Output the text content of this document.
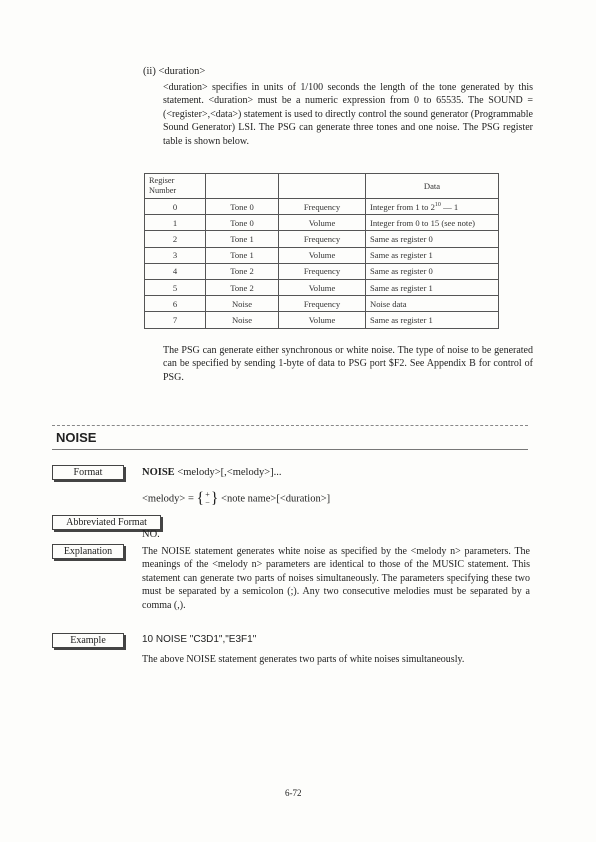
(ii) <duration>
<duration> specifies in units of 1/100 seconds the length of the tone generated by this statement. <duration> must be a numeric expression from 0 to 65535. The SOUND = (<register>,<data>) statement is used to directly control the sound generator (Programmable Sound Generator) LSI. The PSG can generate three tones and one noise. The PSG register table is shown below.
Regiser Number			Data
0	Tone 0	Frequency	Integer from 1 to $2^{10}$ — 1
1	Tone 0	Volume	Integer from 0 to 15 (see note)
2	Tone 1	Frequency	Same as register 0
3	Tone 1	Volume	Same as register 1
4	Tone 2	Frequency	Same as register 0
5	Tone 2	Volume	Same as register 1
6	Noise	Frequency	Noise data
7	Noise	Volume	Same as register 1
The PSG can generate either synchronous or white noise. The type of noise to be generated can be specified by sending 1-byte of data to PSG port $F2. See Appendix B for control of PSG.
NOISE
Format	NOISE <melody>[,<melody>]...
<melody> = {+
−} <note name>[<duration>]
Abbreviated Format
NO.
Explanation	The NOISE statement generates white noise as specified by the <melody n> parameters. The meanings of the <melody n> parameters are identical to those of the MUSIC statement. This statement can generate two parts of noises simultaneously. The parameters specifying these two must be separated by a semicolon (;). Any two consecutive melodies must be separated by a comma (,).
Example	10 NOISE "C3D1","E3F1"
The above NOISE statement generates two parts of white noises simultaneously.
6-72
